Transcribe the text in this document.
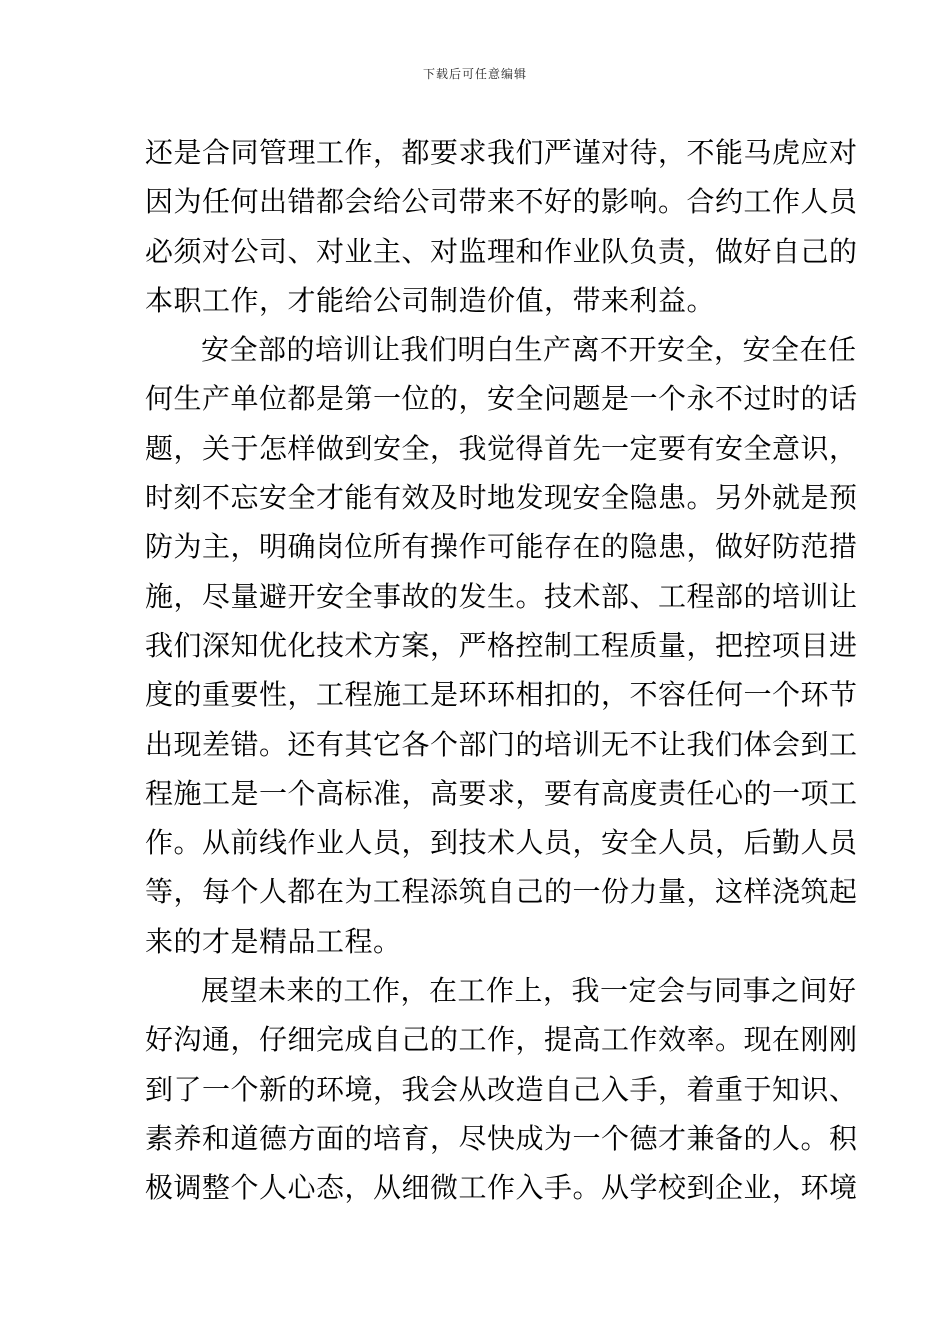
下载后可任意编辑
还是合同管理工作，都要求我们严谨对待，不能马虎应对
因为任何出错都会给公司带来不好的影响。合约工作人员
必须对公司、对业主、对监理和作业队负责，做好自己的
本职工作，才能给公司制造价值，带来利益。
安全部的培训让我们明白生产离不开安全，安全在任
何生产单位都是第一位的，安全问题是一个永不过时的话
题，关于怎样做到安全，我觉得首先一定要有安全意识，
时刻不忘安全才能有效及时地发现安全隐患。另外就是预
防为主，明确岗位所有操作可能存在的隐患，做好防范措
施，尽量避开安全事故的发生。技术部、工程部的培训让
我们深知优化技术方案，严格控制工程质量，把控项目进
度的重要性，工程施工是环环相扣的，不容任何一个环节
出现差错。还有其它各个部门的培训无不让我们体会到工
程施工是一个高标准，高要求，要有高度责任心的一项工
作。从前线作业人员，到技术人员，安全人员，后勤人员
等，每个人都在为工程添筑自己的一份力量，这样浇筑起
来的才是精品工程。
展望未来的工作，在工作上，我一定会与同事之间好
好沟通，仔细完成自己的工作，提高工作效率。现在刚刚
到了一个新的环境，我会从改造自己入手，着重于知识、
素养和道德方面的培育，尽快成为一个德才兼备的人。积
极调整个人心态，从细微工作入手。从学校到企业，环境
